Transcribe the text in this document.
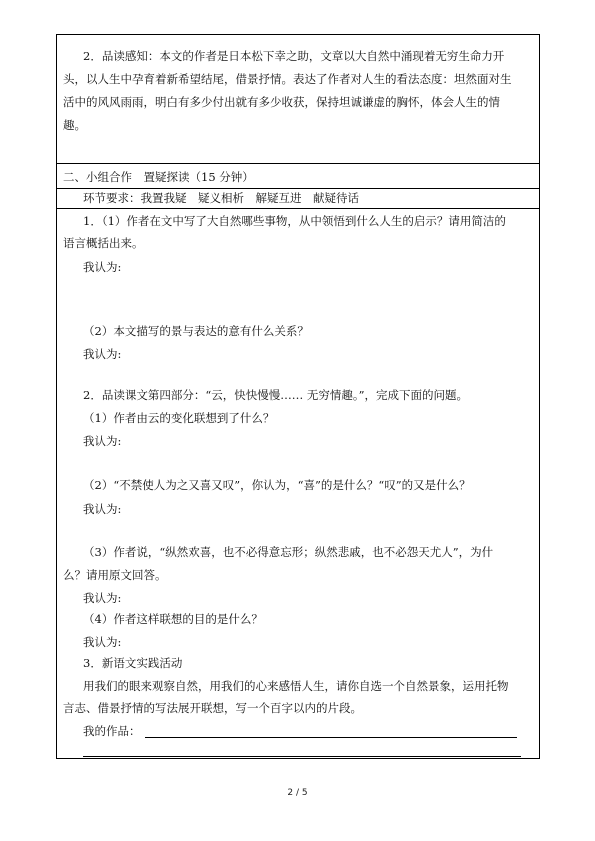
2．品读感知：本文的作者是日本松下幸之助，文章以大自然中涌现着无穷生命力开
头，以人生中孕育着新希望结尾，借景抒情。表达了作者对人生的看法态度：坦然面对生
活中的风风雨雨，明白有多少付出就有多少收获，保持坦诚谦虚的胸怀，体会人生的情
趣。
二、小组合作　置疑探读（15 分钟）
环节要求：我置我疑　疑义相析　解疑互进　献疑待话
1．（1）作者在文中写了大自然哪些事物，从中领悟到什么人生的启示？请用简洁的
语言概括出来。
我认为:
（2）本文描写的景与表达的意有什么关系？
我认为:
2．品读课文第四部分：“云，快快慢慢…… 无穷情趣。”，完成下面的问题。
（1）作者由云的变化联想到了什么？
我认为:
（2）“不禁使人为之又喜又叹”，你认为，“喜”的是什么？“叹”的又是什么？
我认为:
（3）作者说，“纵然欢喜，也不必得意忘形；纵然悲戚，也不必怨天尤人”，为什
么？请用原文回答。
我认为:
（4）作者这样联想的目的是什么？
我认为:
3．新语文实践活动
用我们的眼来观察自然，用我们的心来感悟人生，请你自选一个自然景象，运用托物
言志、借景抒情的写法展开联想，写一个百字以内的片段。
我的作品：
2 / 5
